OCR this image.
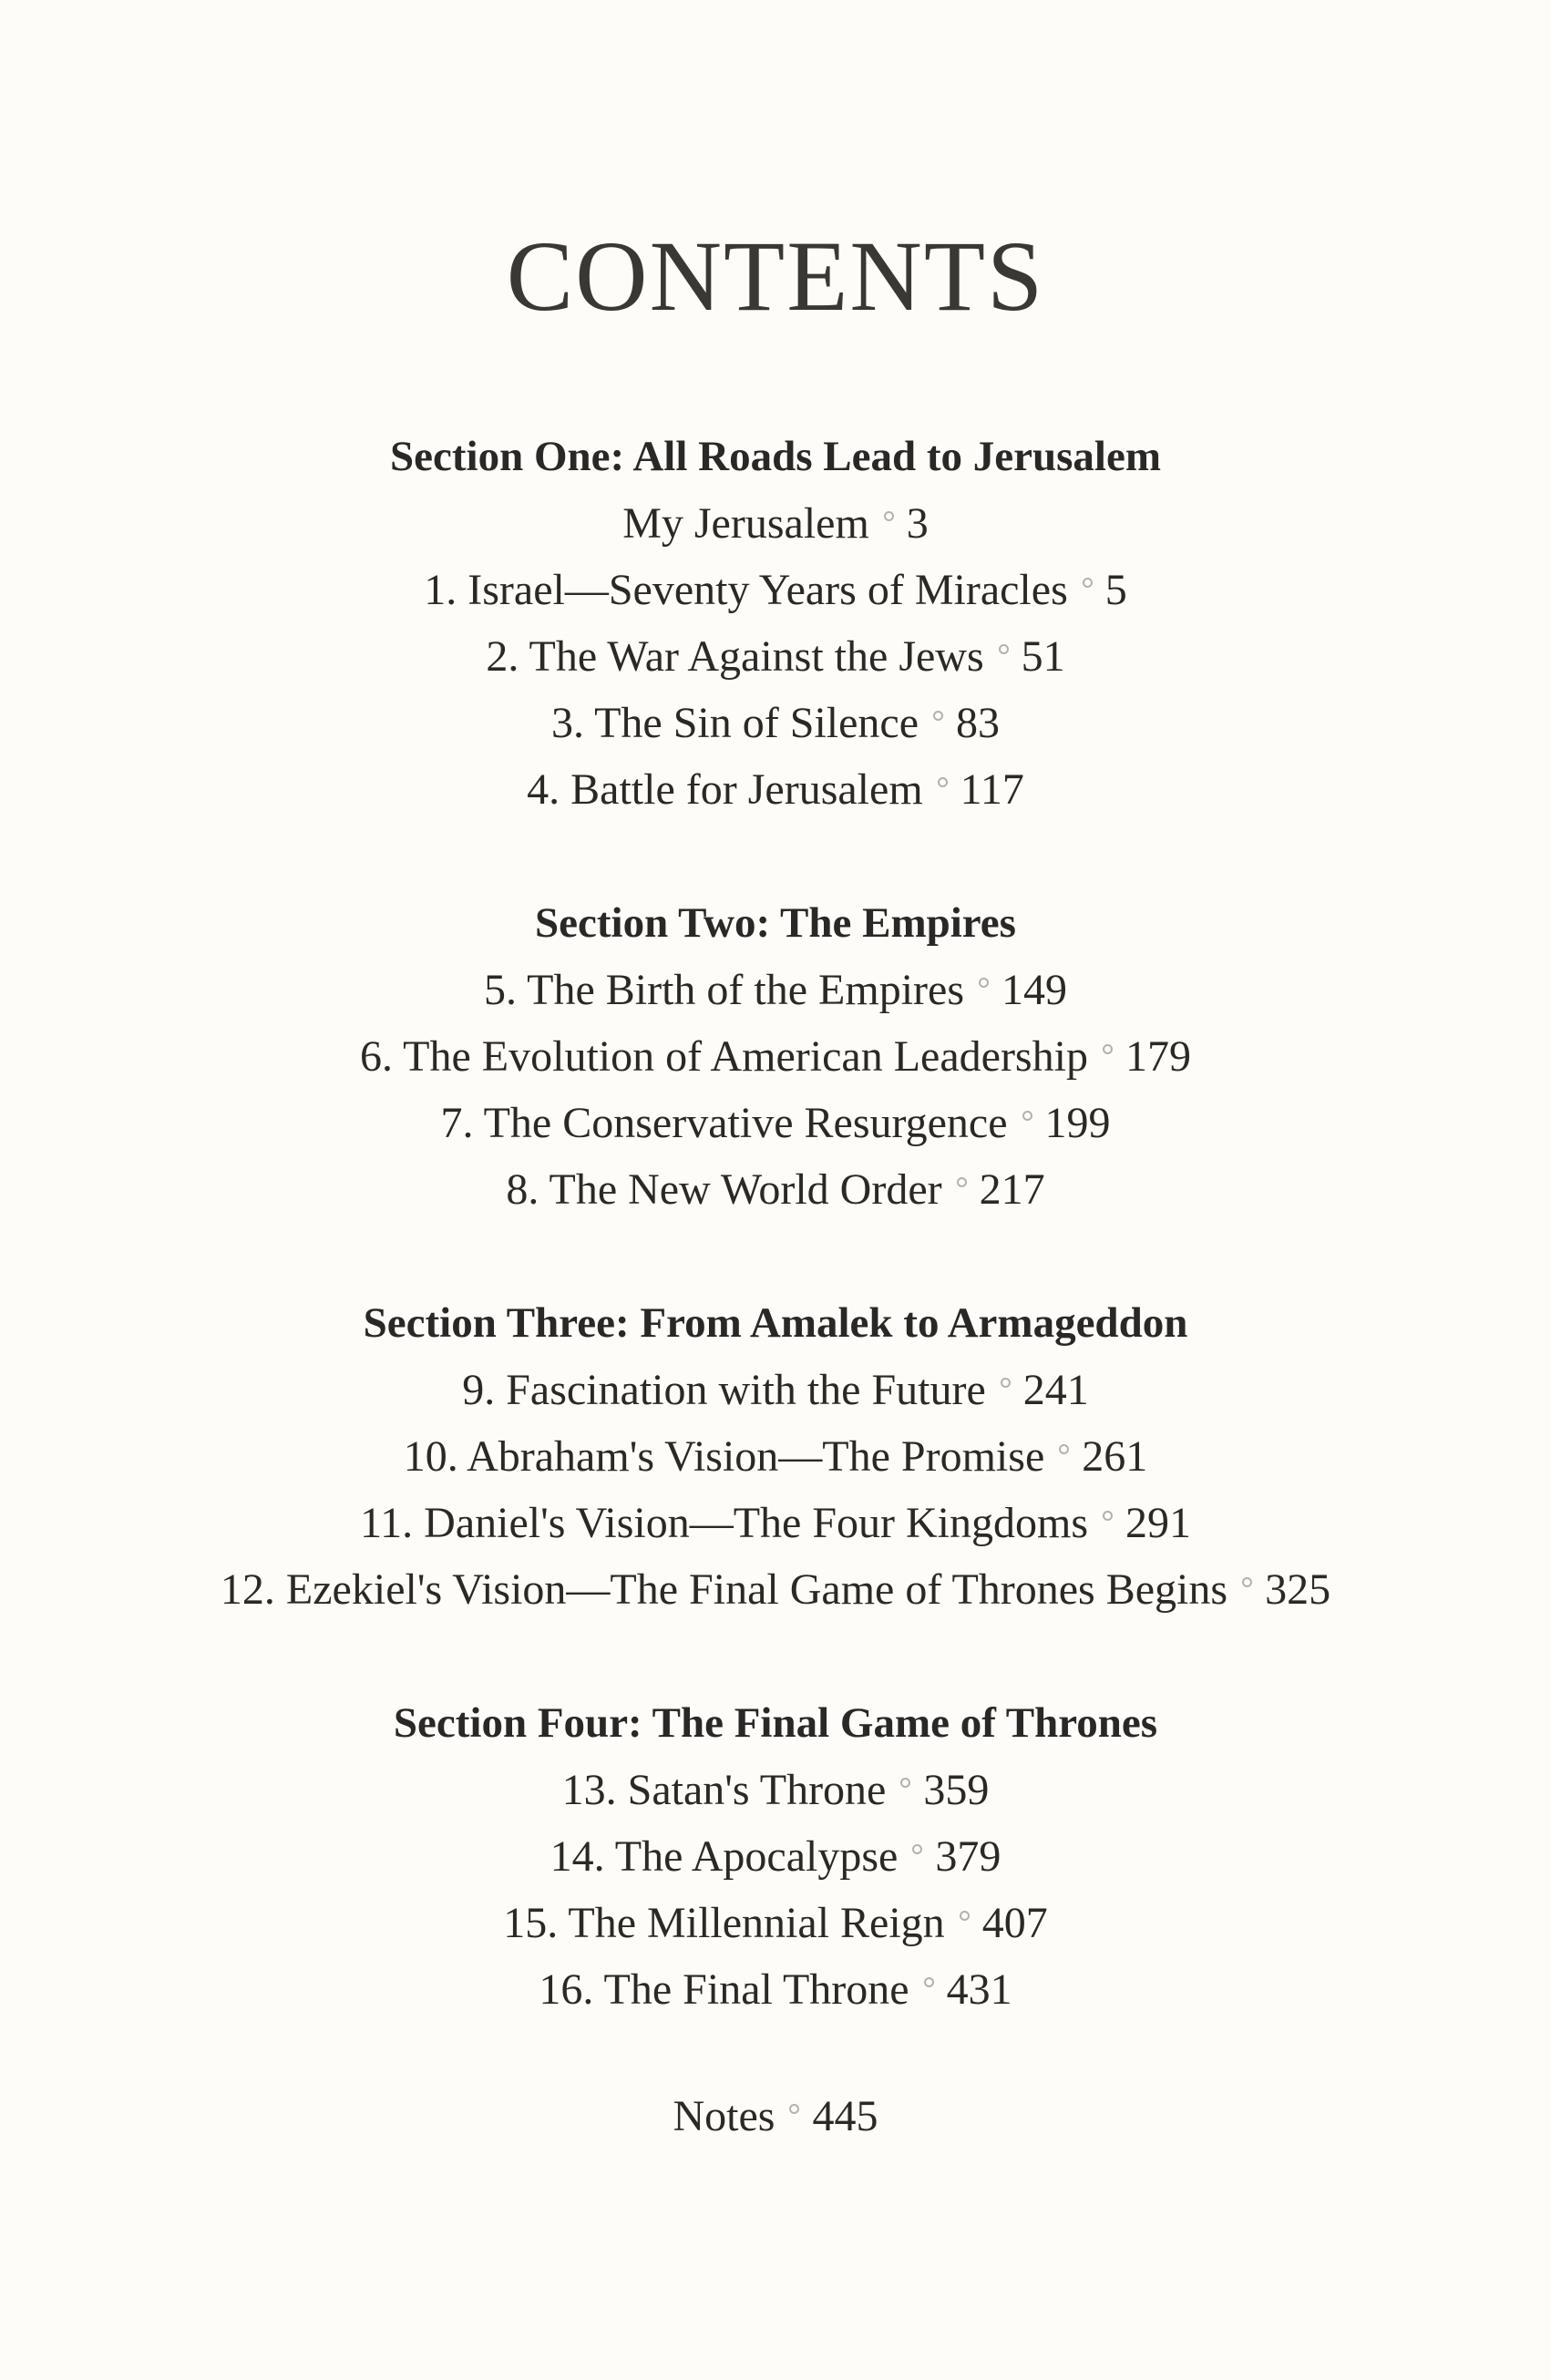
CONTENTS

Section One: All Roads Lead to Jerusalem

My Jerusalem 3

1. Israel—Seventy Years of Miracles 5

2. The War Against the Jews 51

3. The Sin of Silence 83

4. Battle for Jerusalem 117

Section Two: The Empires

5. The Birth of the Empires 149

6. The Evolution of American Leadership 179

7. The Conservative Resurgence 199

8. The New World Order 217

Section Three: From Amalek to Armageddon

9. Fascination with the Future 241

10. Abraham's Vision—The Promise 261

11. Daniel's Vision—The Four Kingdoms 291

12. Ezekiel's Vision—The Final Game of Thrones Begins 325

Section Four: The Final Game of Thrones

13. Satan's Throne 359

14. The Apocalypse 379

15. The Millennial Reign 407

16. The Final Throne 431

Notes 445
